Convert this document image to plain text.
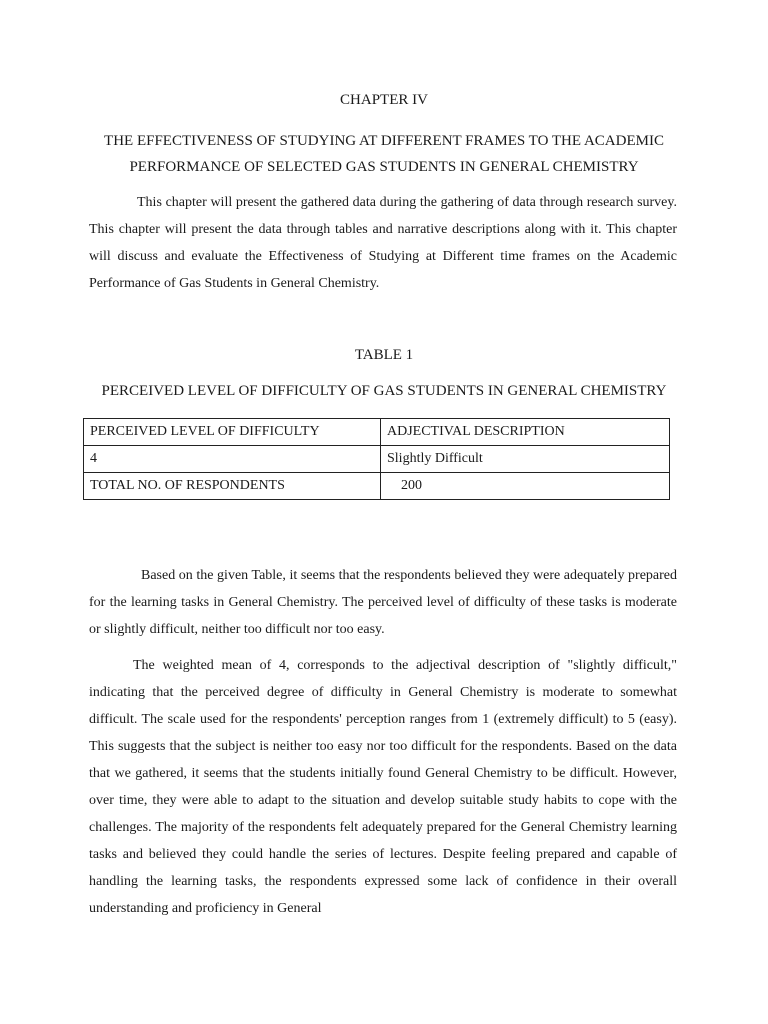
CHAPTER IV
THE EFFECTIVENESS OF STUDYING AT DIFFERENT FRAMES TO THE ACADEMIC PERFORMANCE OF SELECTED GAS STUDENTS IN GENERAL CHEMISTRY
This chapter will present the gathered data during the gathering of data through research survey. This chapter will present the data through tables and narrative descriptions along with it. This chapter will discuss and evaluate the Effectiveness of Studying at Different time frames on the Academic Performance of Gas Students in General Chemistry.
TABLE 1
PERCEIVED LEVEL OF DIFFICULTY OF GAS STUDENTS IN GENERAL CHEMISTRY
PERCEIVED LEVEL OF DIFFICULTY	ADJECTIVAL DESCRIPTION
4	Slightly Difficult
TOTAL NO. OF RESPONDENTS	200
Based on the given Table, it seems that the respondents believed they were adequately prepared for the learning tasks in General Chemistry. The perceived level of difficulty of these tasks is moderate or slightly difficult, neither too difficult nor too easy.
The weighted mean of 4, corresponds to the adjectival description of "slightly difficult," indicating that the perceived degree of difficulty in General Chemistry is moderate to somewhat difficult. The scale used for the respondents' perception ranges from 1 (extremely difficult) to 5 (easy). This suggests that the subject is neither too easy nor too difficult for the respondents. Based on the data that we gathered, it seems that the students initially found General Chemistry to be difficult. However, over time, they were able to adapt to the situation and develop suitable study habits to cope with the challenges. The majority of the respondents felt adequately prepared for the General Chemistry learning tasks and believed they could handle the series of lectures. Despite feeling prepared and capable of handling the learning tasks, the respondents expressed some lack of confidence in their overall understanding and proficiency in General
